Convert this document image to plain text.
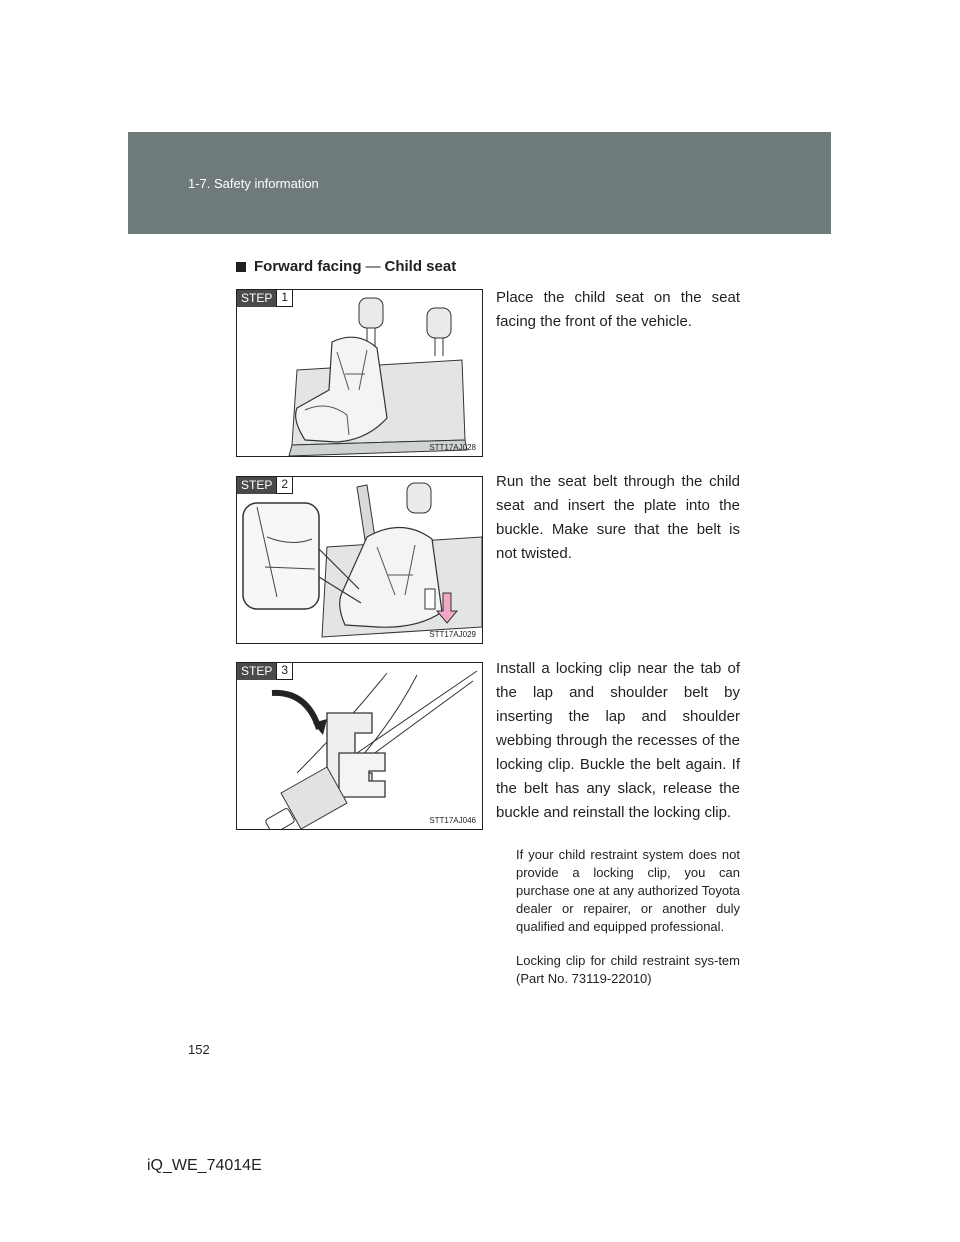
1-7. Safety information
Forward facing — Child seat
STEP 1
STT17AJ028
Place the child seat on the seat facing the front of the vehicle.
STEP 2
STT17AJ029
Run the seat belt through the child seat and insert the plate into the buckle. Make sure that the belt is not twisted.
STEP 3
STT17AJ046
Install a locking clip near the tab of the lap and shoulder belt by inserting the lap and shoulder webbing through the recesses of the locking clip. Buckle the belt again. If the belt has any slack, release the buckle and reinstall the locking clip.
If your child restraint system does not provide a locking clip, you can purchase one at any authorized Toyota dealer or repairer, or another duly qualified and equipped professional.
Locking clip for child restraint sys-tem (Part No. 73119-22010)
152
iQ_WE_74014E
